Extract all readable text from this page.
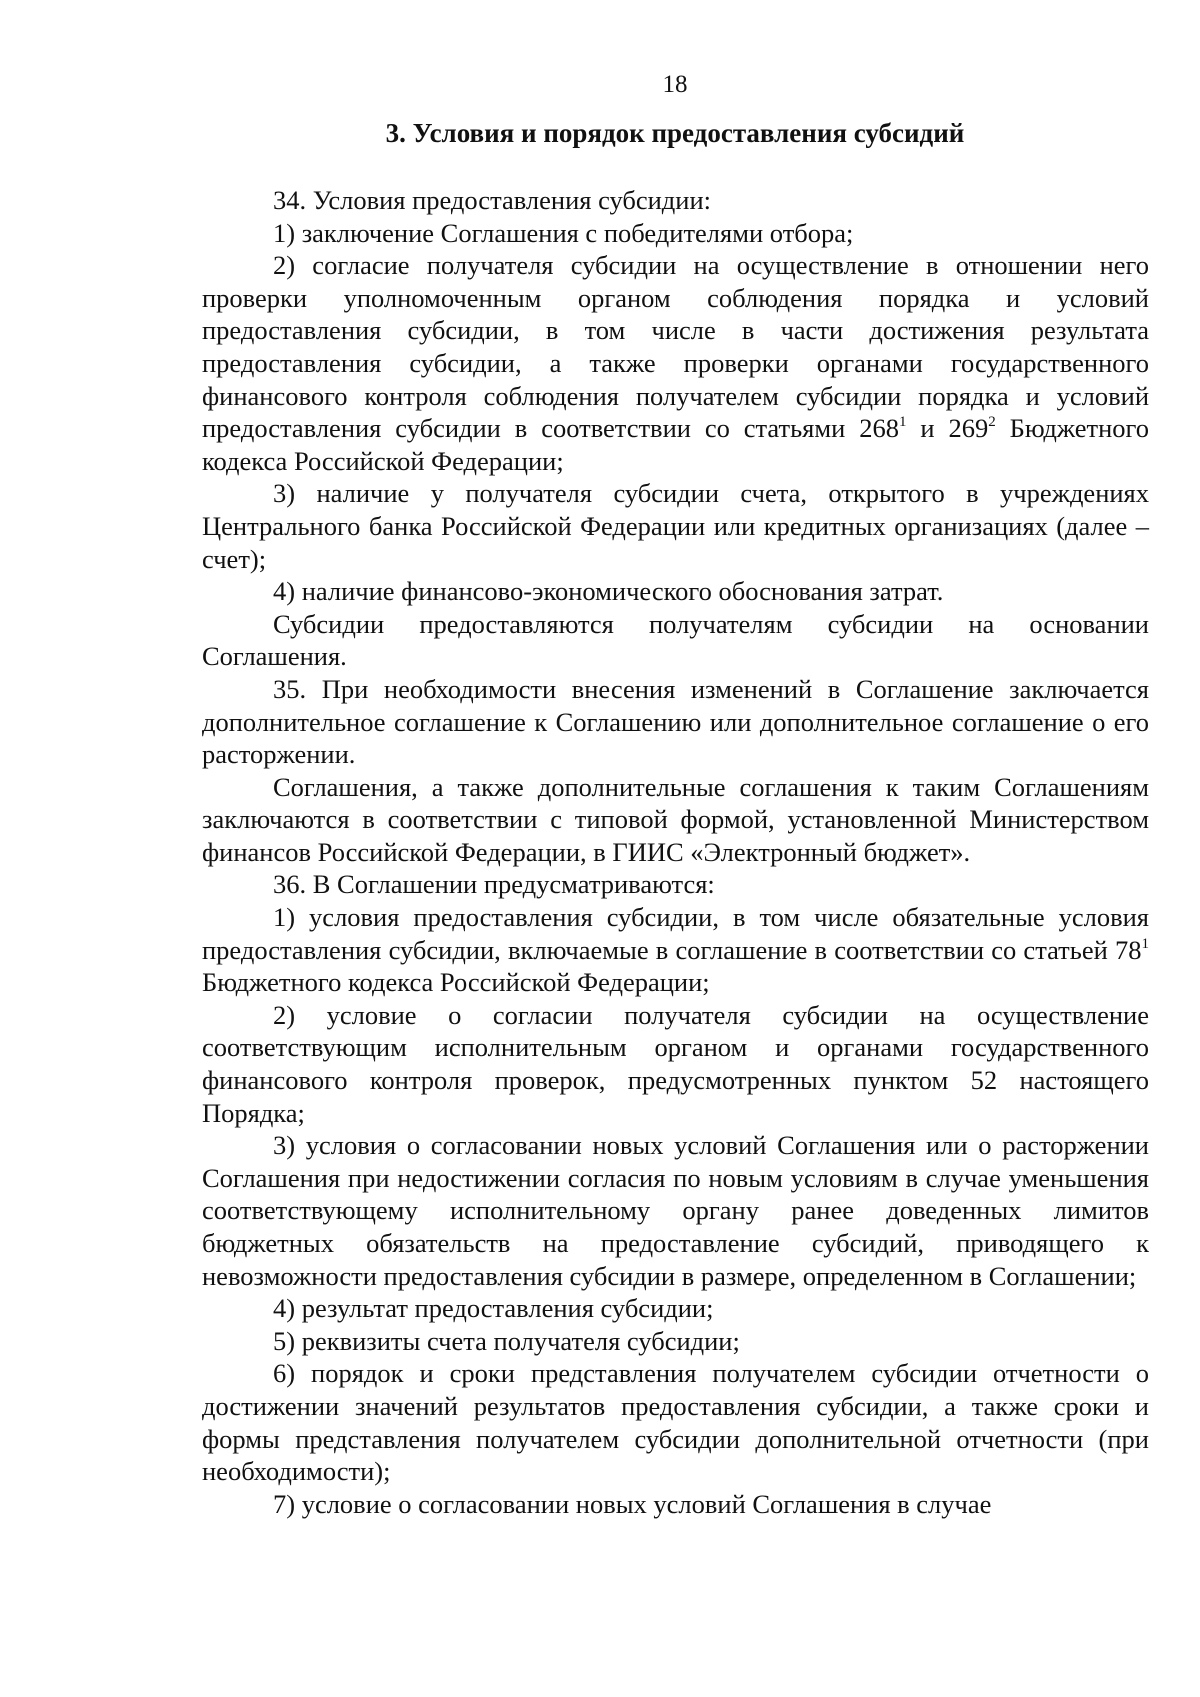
18
3. Условия и порядок предоставления субсидий

34. Условия предоставления субсидии:

1) заключение Соглашения с победителями отбора;

2) согласие получателя субсидии на осуществление в отношении него проверки уполномоченным органом соблюдения порядка и условий предоставления субсидии, в том числе в части достижения результата предоставления субсидии, а также проверки органами государственного финансового контроля соблюдения получателем субсидии порядка и условий предоставления субсидии в соответствии со статьями $268^1$ и $269^2$ Бюджетного кодекса Российской Федерации;

3) наличие у получателя субсидии счета, открытого в учреждениях Центрального банка Российской Федерации или кредитных организациях (далее – счет);

4) наличие финансово-экономического обоснования затрат.

Субсидии предоставляются получателям субсидии на основании Соглашения.

35. При необходимости внесения изменений в Соглашение заключается дополнительное соглашение к Соглашению или дополнительное соглашение о его расторжении.

Соглашения, а также дополнительные соглашения к таким Соглашениям заключаются в соответствии с типовой формой, установленной Министерством финансов Российской Федерации, в ГИИС «Электронный бюджет».

36. В Соглашении предусматриваются:

1) условия предоставления субсидии, в том числе обязательные условия предоставления субсидии, включаемые в соглашение в соответствии со статьей $78^1$ Бюджетного кодекса Российской Федерации;

2) условие о согласии получателя субсидии на осуществление соответствующим исполнительным органом и органами государственного финансового контроля проверок, предусмотренных пунктом 52 настоящего Порядка;

3) условия о согласовании новых условий Соглашения или о расторжении Соглашения при недостижении согласия по новым условиям в случае уменьшения соответствующему исполнительному органу ранее доведенных лимитов бюджетных обязательств на предоставление субсидий, приводящего к невозможности предоставления субсидии в размере, определенном в Соглашении;

4) результат предоставления субсидии;

5) реквизиты счета получателя субсидии;

6) порядок и сроки представления получателем субсидии отчетности о достижении значений результатов предоставления субсидии, а также сроки и формы представления получателем субсидии дополнительной отчетности (при необходимости);

7) условие о согласовании новых условий Соглашения в случае
